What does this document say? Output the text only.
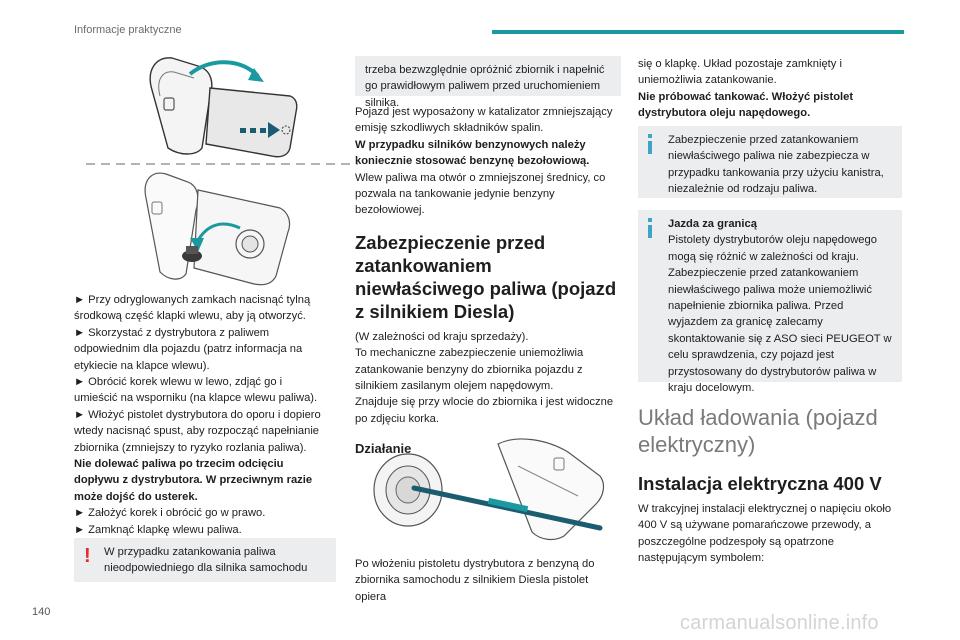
Informacje praktyczne
► Przy odryglowanych zamkach nacisnąć tylną środkową część klapki wlewu, aby ją otworzyć.
► Skorzystać z dystrybutora z paliwem odpowiednim dla pojazdu (patrz informacja na etykiecie na klapce wlewu).
► Obrócić korek wlewu w lewo, zdjąć go i umieścić na wsporniku (na klapce wlewu paliwa).
► Włożyć pistolet dystrybutora do oporu i dopiero wtedy nacisnąć spust, aby rozpocząć napełnianie zbiornika (zmniejszy to ryzyko rozlania paliwa).
Nie dolewać paliwa po trzecim odcięciu dopływu z dystrybutora. W przeciwnym razie może dojść do usterek.
► Założyć korek i obrócić go w prawo.
► Zamknąć klapkę wlewu paliwa.
! W przypadku zatankowania paliwa nieodpowiedniego dla silnika samochodu
trzeba bezwzględnie opróżnić zbiornik i napełnić go prawidłowym paliwem przed uruchomieniem silnika.
Pojazd jest wyposażony w katalizator zmniejszający emisję szkodliwych składników spalin.
W przypadku silników benzynowych należy koniecznie stosować benzynę bezołowiową.
Wlew paliwa ma otwór o zmniejszonej średnicy, co pozwala na tankowanie jedynie benzyny bezołowiowej.
Zabezpieczenie przed zatankowaniem niewłaściwego paliwa (pojazd z silnikiem Diesla)
(W zależności od kraju sprzedaży).
To mechaniczne zabezpieczenie uniemożliwia zatankowanie benzyny do zbiornika pojazdu z silnikiem zasilanym olejem napędowym.
Znajduje się przy wlocie do zbiornika i jest widoczne po zdjęciu korka.
Działanie
Po włożeniu pistoletu dystrybutora z benzyną do zbiornika samochodu z silnikiem Diesla pistolet opiera
się o klapkę. Układ pozostaje zamknięty i uniemożliwia zatankowanie.
Nie próbować tankować. Włożyć pistolet dystrybutora oleju napędowego.
Zabezpieczenie przed zatankowaniem niewłaściwego paliwa nie zabezpiecza w przypadku tankowania przy użyciu kanistra, niezależnie od rodzaju paliwa.
Jazda za granicą
Pistolety dystrybutorów oleju napędowego mogą się różnić w zależności od kraju. Zabezpieczenie przed zatankowaniem niewłaściwego paliwa może uniemożliwić napełnienie zbiornika paliwa. Przed wyjazdem za granicę zalecamy skontaktowanie się z ASO sieci PEUGEOT w celu sprawdzenia, czy pojazd jest przystosowany do dystrybutorów paliwa w kraju docelowym.
Układ ładowania (pojazd elektryczny)
Instalacja elektryczna 400 V
W trakcyjnej instalacji elektrycznej o napięciu około 400 V są używane pomarańczowe przewody, a poszczególne podzespoły są opatrzone następującym symbolem:
140	carmanualsonline.info
